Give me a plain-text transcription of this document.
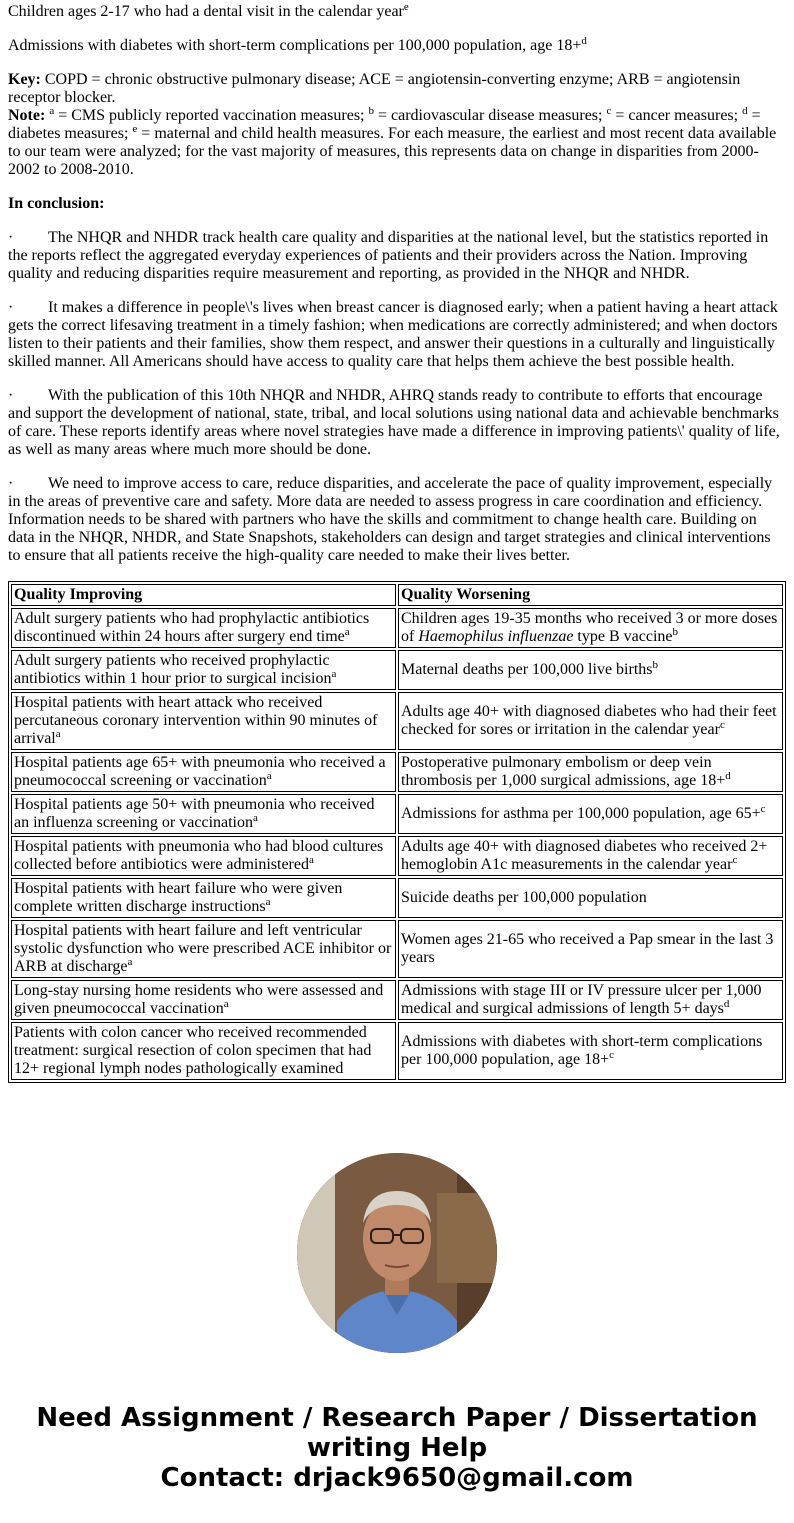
Children ages 2-17 who had a dental visit in the calendar year$^e$

Admissions with diabetes with short-term complications per 100,000 population, age 18+$^d$

Key: COPD = chronic obstructive pulmonary disease; ACE = angiotensin-converting enzyme; ARB = angiotensin receptor blocker.
Note: $^a$ = CMS publicly reported vaccination measures; $^b$ = cardiovascular disease measures; $^c$ = cancer measures; $^d$ = diabetes measures; $^e$ = maternal and child health measures. For each measure, the earliest and most recent data available to our team were analyzed; for the vast majority of measures, this represents data on change in disparities from 2000-2002 to 2008-2010.

In conclusion:

· The NHQR and NHDR track health care quality and disparities at the national level, but the statistics reported in the reports reflect the aggregated everyday experiences of patients and their providers across the Nation. Improving quality and reducing disparities require measurement and reporting, as provided in the NHQR and NHDR.

· It makes a difference in people\'s lives when breast cancer is diagnosed early; when a patient having a heart attack gets the correct lifesaving treatment in a timely fashion; when medications are correctly administered; and when doctors listen to their patients and their families, show them respect, and answer their questions in a culturally and linguistically skilled manner. All Americans should have access to quality care that helps them achieve the best possible health.

· With the publication of this 10th NHQR and NHDR, AHRQ stands ready to contribute to efforts that encourage and support the development of national, state, tribal, and local solutions using national data and achievable benchmarks of care. These reports identify areas where novel strategies have made a difference in improving patients\' quality of life, as well as many areas where much more should be done.

· We need to improve access to care, reduce disparities, and accelerate the pace of quality improvement, especially in the areas of preventive care and safety. More data are needed to assess progress in care coordination and efficiency. Information needs to be shared with partners who have the skills and commitment to change health care. Building on data in the NHQR, NHDR, and State Snapshots, stakeholders can design and target strategies and clinical interventions to ensure that all patients receive the high-quality care needed to make their lives better.

Quality Improving	Quality Worsening
Adult surgery patients who had prophylactic antibiotics discontinued within 24 hours after surgery end time$^a$	Children ages 19-35 months who received 3 or more doses of Haemophilus influenzae type B vaccine$^b$
Adult surgery patients who received prophylactic antibiotics within 1 hour prior to surgical incision$^a$	Maternal deaths per 100,000 live births$^b$
Hospital patients with heart attack who received percutaneous coronary intervention within 90 minutes of arrival$^a$	Adults age 40+ with diagnosed diabetes who had their feet checked for sores or irritation in the calendar year$^c$
Hospital patients age 65+ with pneumonia who received a pneumococcal screening or vaccination$^a$	Postoperative pulmonary embolism or deep vein thrombosis per 1,000 surgical admissions, age 18+$^d$
Hospital patients age 50+ with pneumonia who received an influenza screening or vaccination$^a$	Admissions for asthma per 100,000 population, age 65+$^c$
Hospital patients with pneumonia who had blood cultures collected before antibiotics were administered$^a$	Adults age 40+ with diagnosed diabetes who received 2+ hemoglobin A1c measurements in the calendar year$^c$
Hospital patients with heart failure who were given complete written discharge instructions$^a$	Suicide deaths per 100,000 population
Hospital patients with heart failure and left ventricular systolic dysfunction who were prescribed ACE inhibitor or ARB at discharge$^a$	Women ages 21-65 who received a Pap smear in the last 3 years
Long-stay nursing home residents who were assessed and given pneumococcal vaccination$^a$	Admissions with stage III or IV pressure ulcer per 1,000 medical and surgical admissions of length 5+ days$^d$
Patients with colon cancer who received recommended treatment: surgical resection of colon specimen that had 12+ regional lymph nodes pathologically examined	Admissions with diabetes with short-term complications per 100,000 population, age 18+$^c$
Need Assignment / Research Paper / Dissertation
writing Help
Contact: drjack9650@gmail.com
